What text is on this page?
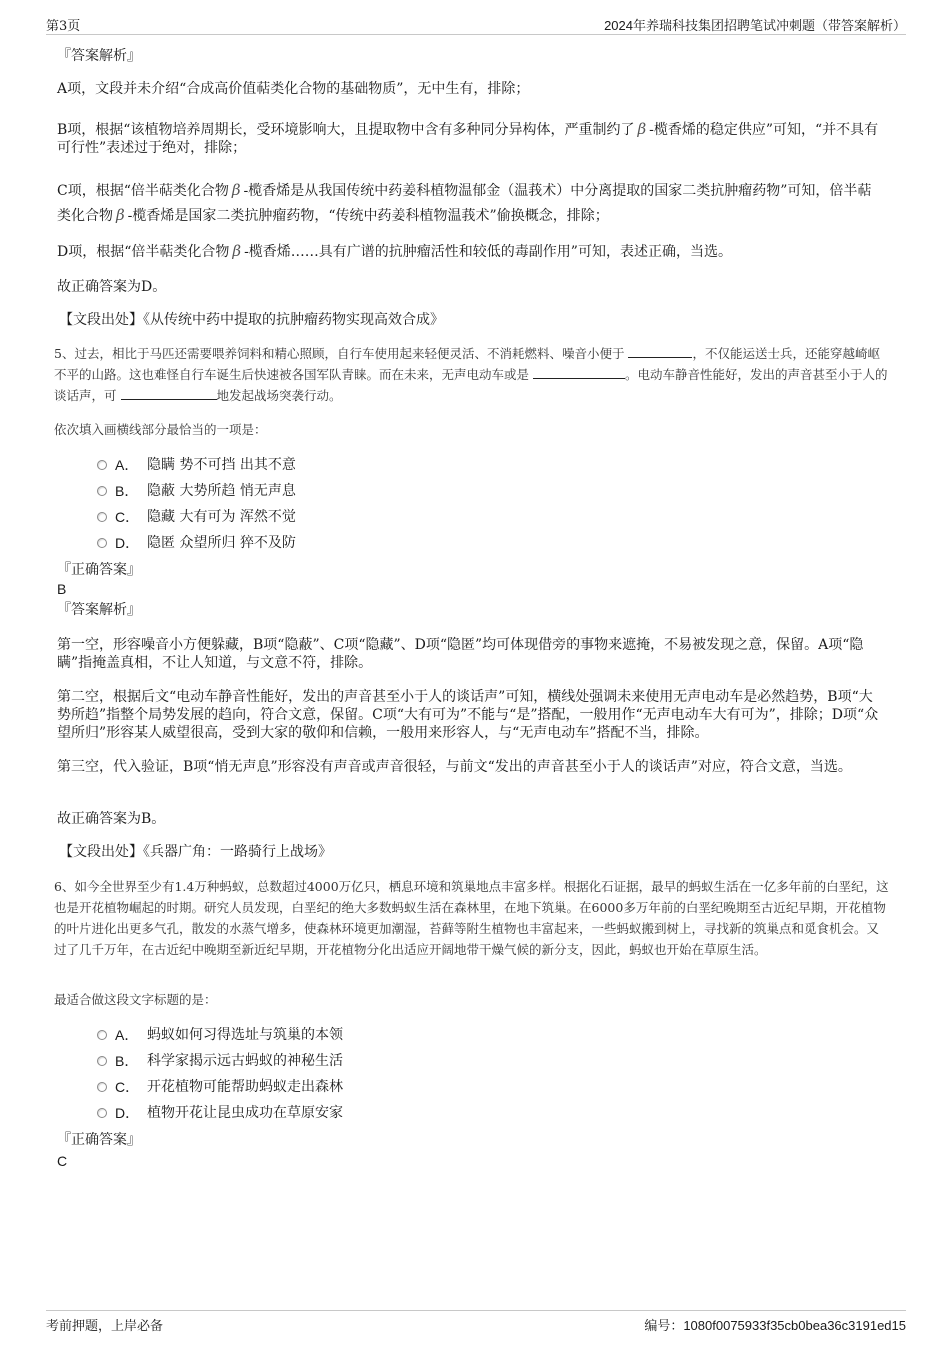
第3页	2024年养瑞科技集团招聘笔试冲刺题（带答案解析）
『答案解析』
A项，文段并未介绍“合成高价值萜类化合物的基础物质”，无中生有，排除；
B项，根据“该植物培养周期长，受环境影响大，且提取物中含有多种同分异构体，严重制约了 β -榄香烯的稳定供应”可知，“并不具有可行性”表述过于绝对，排除；
C项，根据“倍半萜类化合物 β -榄香烯是从我国传统中药姜科植物温郁金（温莪术）中分离提取的国家二类抗肿瘤药物”可知，倍半萜类化合物 β -榄香烯是国家二类抗肿瘤药物，“传统中药姜科植物温莪术”偷换概念，排除；
D项，根据“倍半萜类化合物 β -榄香烯……具有广谱的抗肿瘤活性和较低的毒副作用”可知，表述正确，当选。
故正确答案为D。
【文段出处】《从传统中药中提取的抗肿瘤药物实现高效合成》
5、过去，相比于马匹还需要喂养饲料和精心照顾，自行车使用起来轻便灵活、不消耗燃料、噪音小便于	，不仅能运送士兵，还能穿越崎岖不平的山路。这也难怪自行车诞生后快速被各国军队青睐。而在未来，无声电动车或是	。电动车静音性能好，发出的声音甚至小于人的谈话声，可	地发起战场突袭行动。
依次填入画横线部分最恰当的一项是：
A． 隐瞒 势不可挡 出其不意
B． 隐蔽 大势所趋 悄无声息
C． 隐藏 大有可为 浑然不觉
D． 隐匿 众望所归 猝不及防
『正确答案』
B
『答案解析』
第一空，形容噪音小方便躲藏，B项“隐蔽”、C项“隐藏”、D项“隐匿”均可体现借旁的事物来遮掩，不易被发现之意，保留。A项“隐瞒”指掩盖真相，不让人知道，与文意不符，排除。
第二空，根据后文“电动车静音性能好，发出的声音甚至小于人的谈话声”可知，横线处强调未来使用无声电动车是必然趋势，B项“大势所趋”指整个局势发展的趋向，符合文意，保留。C项“大有可为”不能与“是”搭配，一般用作“无声电动车大有可为”，排除；D项“众望所归”形容某人威望很高，受到大家的敬仰和信赖，一般用来形容人，与“无声电动车”搭配不当，排除。
第三空，代入验证，B项“悄无声息”形容没有声音或声音很轻，与前文“发出的声音甚至小于人的谈话声”对应，符合文意，当选。
故正确答案为B。
【文段出处】《兵器广角：一路骑行上战场》
6、如今全世界至少有1.4万种蚂蚁，总数超过4000万亿只，栖息环境和筑巢地点丰富多样。根据化石证据，最早的蚂蚁生活在一亿多年前的白垩纪，这也是开花植物崛起的时期。研究人员发现，白垩纪的绝大多数蚂蚁生活在森林里，在地下筑巢。在6000多万年前的白垩纪晚期至古近纪早期，开花植物的叶片进化出更多气孔，散发的水蒸气增多，使森林环境更加潮湿，苔藓等附生植物也丰富起来，一些蚂蚁搬到树上，寻找新的筑巢点和觅食机会。又过了几千万年，在古近纪中晚期至新近纪早期，开花植物分化出适应开阔地带干燥气候的新分支，因此，蚂蚁也开始在草原生活。
最适合做这段文字标题的是：
A． 蚂蚁如何习得选址与筑巢的本领
B． 科学家揭示远古蚂蚁的神秘生活
C． 开花植物可能帮助蚂蚁走出森林
D． 植物开花让昆虫成功在草原安家
『正确答案』
C
考前押题，上岸必备	编号：1080f0075933f35cb0bea36c3191ed15
